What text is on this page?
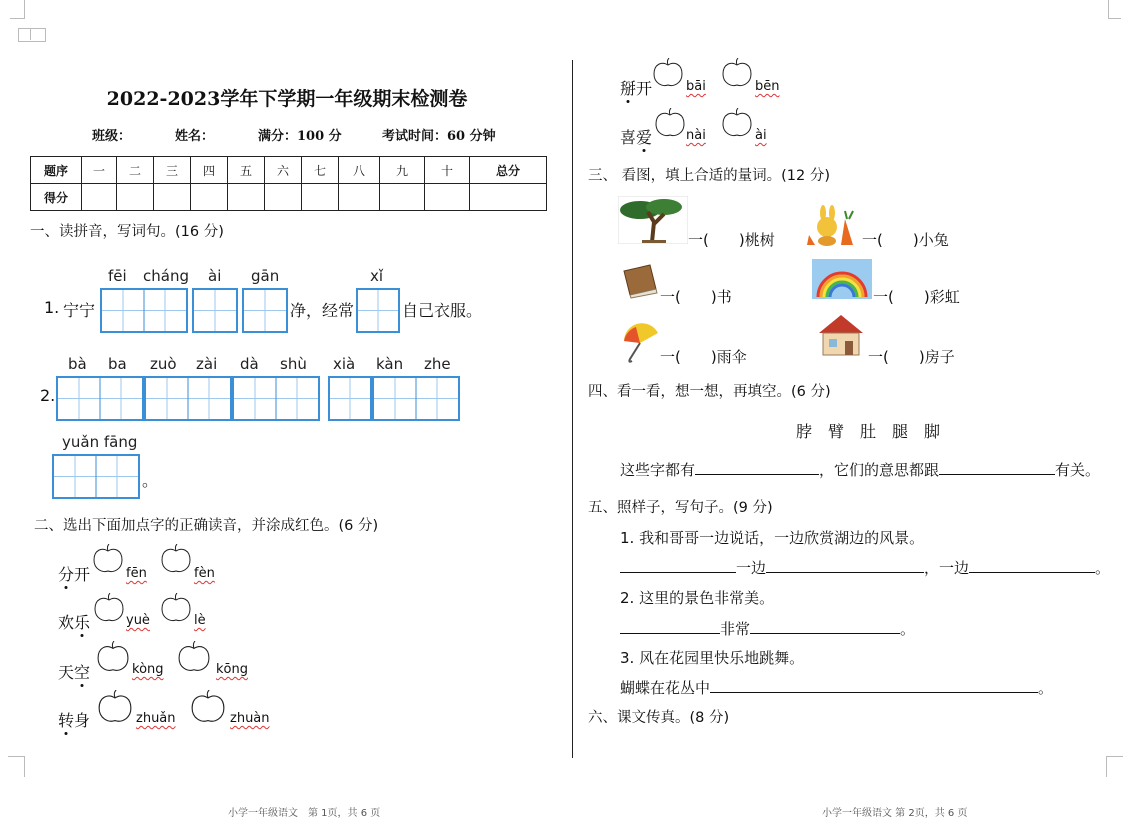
2022-2023学年下学期一年级期末检测卷
班级：	姓名：	满分：100 分	考试时间：60 分钟
题序	一	二	三	四	五	六	七	八	九	十	总分
得分											
一、读拼音，写词句。(16 分)
fēi cháng ài gān	xǐ
1. 宁宁	净，经常	自己衣服。
bà ba zuò zài dà shù xià kàn zhe
2.
yuǎn fāng
。
二、选出下面加点字的正确读音，并涂成红色。(6 分)
分开	fēn	fèn
欢乐	yuè	lè
天空	kòng	kōng
转身	zhuǎn	zhuàn
掰开	bāi	bēn
喜爱	nài	ài
三、 看图，填上合适的量词。(12 分)
一(　　)桃树	一(　　)小兔
一(　　)书	一(　　)彩虹
一(　　)雨伞	一(　　)房子
四、看一看，想一想，再填空。(6 分)
脖　臂　肚　腿　脚
这些字都有	，它们的意思都跟	有关。
五、照样子，写句子。(9 分)
1. 我和哥哥一边说话，一边欣赏湖边的风景。
一边	，一边	。
2. 这里的景色非常美。
非常	。
3. 风在花园里快乐地跳舞。
蝴蝶在花丛中	。
六、课文传真。(8 分)
小学一年级语文　第 1页，共 6 页	小学一年级语文 第 2页，共 6 页
